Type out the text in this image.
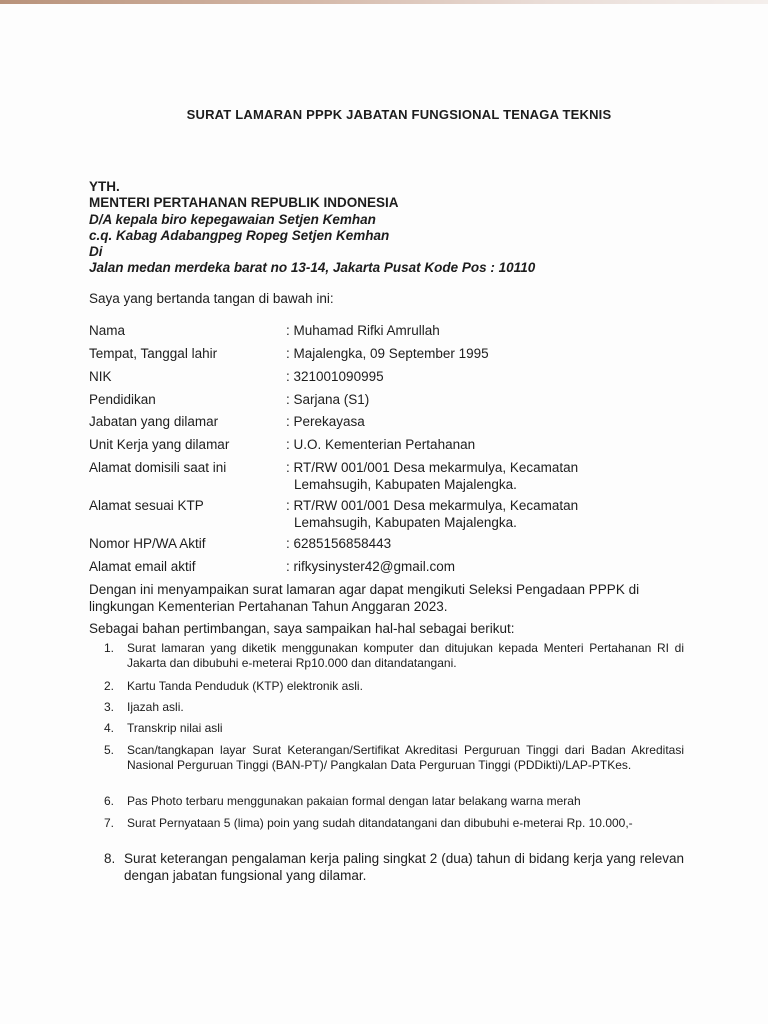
SURAT LAMARAN PPPK JABATAN FUNGSIONAL TENAGA TEKNIS
YTH.
MENTERI PERTAHANAN REPUBLIK INDONESIA
D/A kepala biro kepegawaian Setjen Kemhan
c.q. Kabag Adabangpeg Ropeg Setjen Kemhan
Di
Jalan medan merdeka barat no 13-14, Jakarta Pusat Kode Pos : 10110
Saya yang bertanda tangan di bawah ini:
Nama	: Muhamad Rifki Amrullah
Tempat, Tanggal lahir	: Majalengka, 09 September 1995
NIK	: 321001090995
Pendidikan	: Sarjana (S1)
Jabatan yang dilamar	: Perekayasa
Unit Kerja yang dilamar	: U.O. Kementerian Pertahanan
Alamat domisili saat ini	: RT/RW 001/001 Desa mekarmulya, Kecamatan
Lemahsugih, Kabupaten Majalengka.
Alamat sesuai KTP	: RT/RW 001/001 Desa mekarmulya, Kecamatan
Lemahsugih, Kabupaten Majalengka.
Nomor HP/WA Aktif	: 6285156858443
Alamat email aktif	: rifkysinyster42@gmail.com
Dengan ini menyampaikan surat lamaran agar dapat mengikuti Seleksi Pengadaan PPPK di lingkungan Kementerian Pertahanan Tahun Anggaran 2023.
Sebagai bahan pertimbangan, saya sampaikan hal-hal sebagai berikut:
1.	Surat lamaran yang diketik menggunakan komputer dan ditujukan kepada Menteri Pertahanan RI di Jakarta dan dibubuhi e-meterai Rp10.000 dan ditandatangani.
2.	Kartu Tanda Penduduk (KTP) elektronik asli.
3.	Ijazah asli.
4.	Transkrip nilai asli
5.	Scan/tangkapan layar Surat Keterangan/Sertifikat Akreditasi Perguruan Tinggi dari Badan Akreditasi Nasional Perguruan Tinggi (BAN-PT)/ Pangkalan Data Perguruan Tinggi (PDDikti)/LAP-PTKes.
6.	Pas Photo terbaru menggunakan pakaian formal dengan latar belakang warna merah
7.	Surat Pernyataan 5 (lima) poin yang sudah ditandatangani dan dibubuhi e-meterai Rp. 10.000,-
8. Surat keterangan pengalaman kerja paling singkat 2 (dua) tahun di bidang kerja yang relevan dengan jabatan fungsional yang dilamar.
